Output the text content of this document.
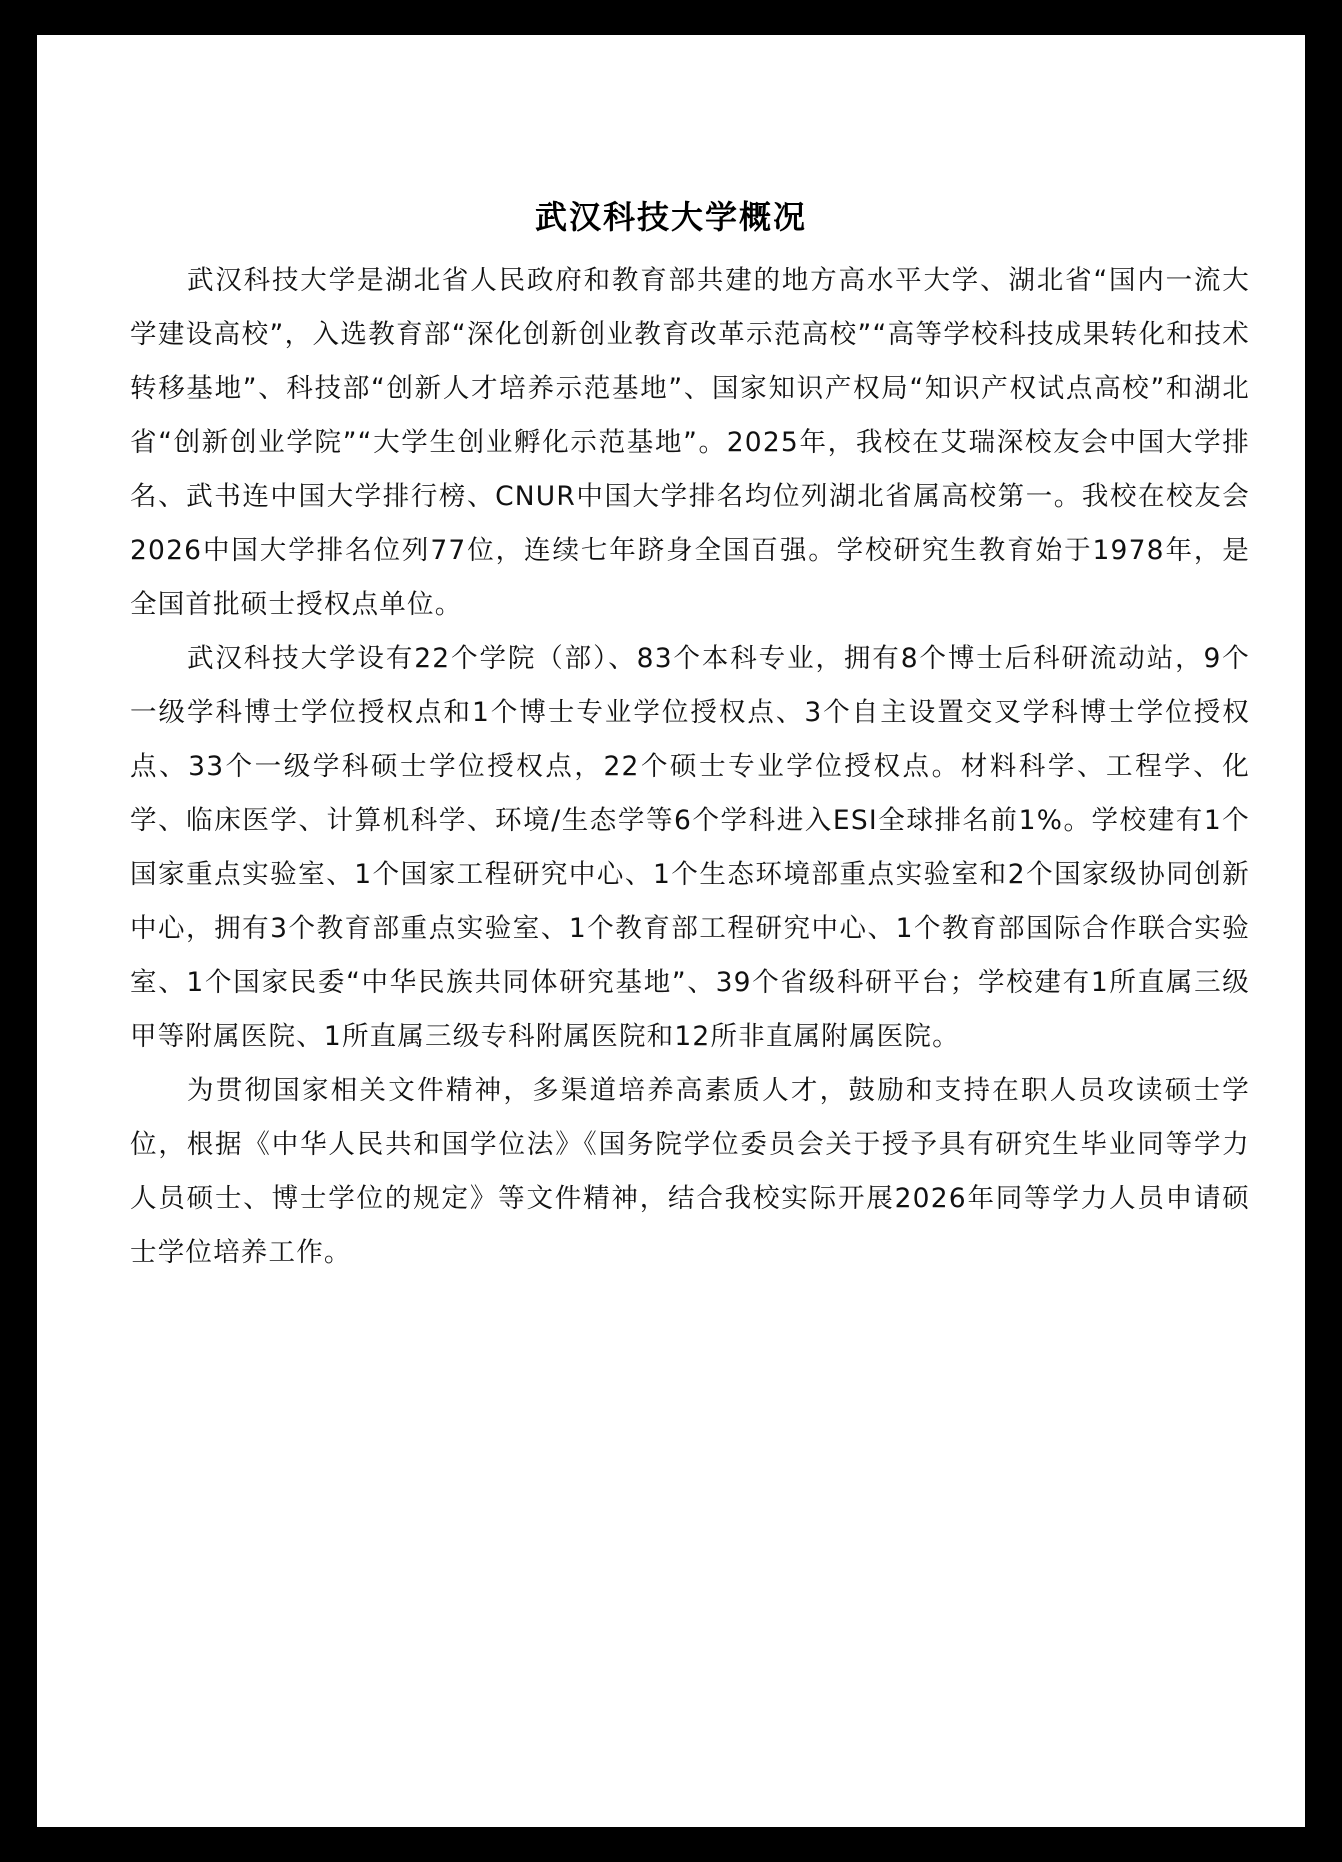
武汉科技大学概况

武汉科技大学是湖北省人民政府和教育部共建的地方高水平大学、湖北省“国内一流大学建设高校”，入选教育部“深化创新创业教育改革示范高校”“高等学校科技成果转化和技术转移基地”、科技部“创新人才培养示范基地”、国家知识产权局“知识产权试点高校”和湖北省“创新创业学院”“大学生创业孵化示范基地”。2025年，我校在艾瑞深校友会中国大学排名、武书连中国大学排行榜、CNUR中国大学排名均位列湖北省属高校第一。我校在校友会2026中国大学排名位列77位，连续七年跻身全国百强。学校研究生教育始于1978年，是全国首批硕士授权点单位。

武汉科技大学设有22个学院（部）、83个本科专业，拥有8个博士后科研流动站，9个一级学科博士学位授权点和1个博士专业学位授权点、3个自主设置交叉学科博士学位授权点、33个一级学科硕士学位授权点，22个硕士专业学位授权点。材料科学、工程学、化学、临床医学、计算机科学、环境/生态学等6个学科进入ESI全球排名前1%。学校建有1个国家重点实验室、1个国家工程研究中心、1个生态环境部重点实验室和2个国家级协同创新中心，拥有3个教育部重点实验室、1个教育部工程研究中心、1个教育部国际合作联合实验室、1个国家民委“中华民族共同体研究基地”、39个省级科研平台；学校建有1所直属三级甲等附属医院、1所直属三级专科附属医院和12所非直属附属医院。

为贯彻国家相关文件精神，多渠道培养高素质人才，鼓励和支持在职人员攻读硕士学位，根据《中华人民共和国学位法》《国务院学位委员会关于授予具有研究生毕业同等学力人员硕士、博士学位的规定》等文件精神，结合我校实际开展2026年同等学力人员申请硕士学位培养工作。
